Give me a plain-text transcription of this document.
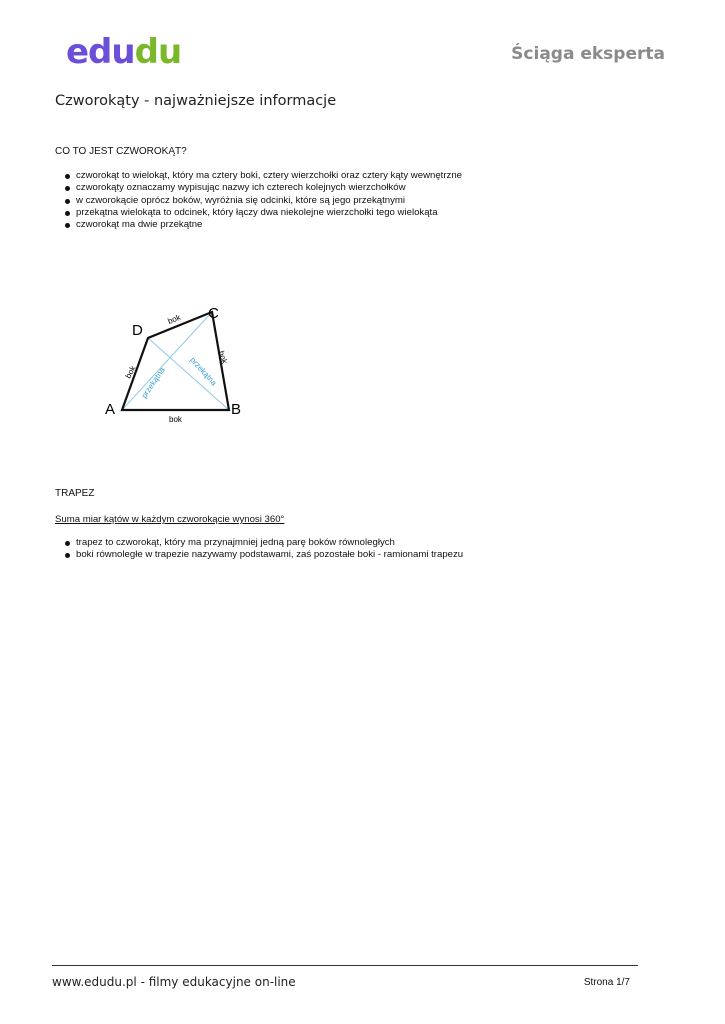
edudu	Ściąga eksperta
Czworokąty - najważniejsze informacje
CO TO JEST CZWOROKĄT?
czworokąt to wielokąt, który ma cztery boki, cztery wierzchołki oraz cztery kąty wewnętrzne
czworokąty oznaczamy wypisując nazwy ich czterech kolejnych wierzchołków
w czworokącie oprócz boków, wyróżnia się odcinki, które są jego przekątnymi
przekątna wielokąta to odcinek, który łączy dwa niekolejne wierzchołki tego wielokąta
czworokąt ma dwie przekątne
A	B
C
D
bok
bok
bok
bok
przekątna	przekątna
TRAPEZ
Suma miar kątów w każdym czworokącie wynosi 360°
trapez to czworokąt, który ma przynajmniej jedną parę boków równoległych
boki równoległe w trapezie nazywamy podstawami, zaś pozostałe boki - ramionami trapezu
www.edudu.pl - filmy edukacyjne on-line	Strona 1/7
